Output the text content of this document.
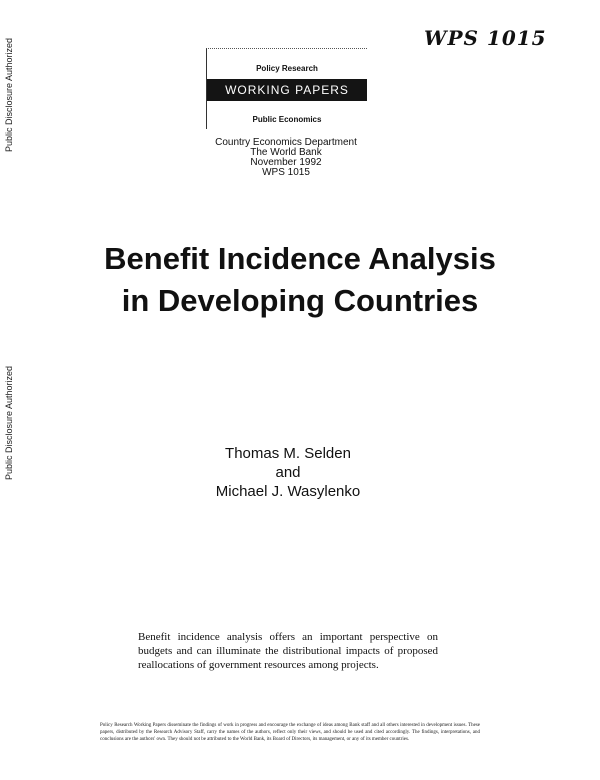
Public Disclosure Authorized
Public Disclosure Authorized
WPS 1015
Policy Research
WORKING PAPERS
Public Economics
Country Economics Department
The World Bank
November 1992
WPS 1015
Benefit Incidence Analysis
in Developing Countries
Thomas M. Selden
and
Michael J. Wasylenko
Benefit incidence analysis offers an important perspective on budgets and can illuminate the distributional impacts of proposed reallocations of government resources among projects.
Policy Research Working Papers disseminate the findings of work in progress and encourage the exchange of ideas among Bank staff and all others interested in development issues. These papers, distributed by the Research Advisory Staff, carry the names of the authors, reflect only their views, and should be used and cited accordingly. The findings, interpretations, and conclusions are the authors' own. They should not be attributed to the World Bank, its Board of Directors, its management, or any of its member countries.
